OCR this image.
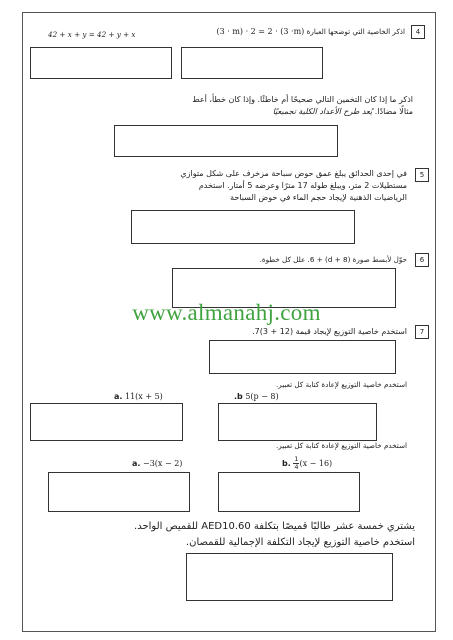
4
اذكر الخاصية التي توضحها العبارة (3 · m) · 2 = 2 · (3 ·m)
42 + x + y = 42 + y + x
اذكر ما إذا كان التخمين التالي صحيحًا أم خاطئًا. وإذا كان خطأ، أعط
مثالًا مضادًا. يُعد طرح الأعداد الكلية تجميعيًا
5
في إحدى الحدائق يبلغ عمق حوض سباحة مزخرف على شكل متوازي
مستطيلات 2 متر، ويبلغ طوله 17 مترًا وعرضه 5 أمتار. استخدم
الرياضيات الذهنية لإيجاد حجم الماء في حوض السباحة
6
حوّل لأبسط صورة (8 + d) + 6. علل كل خطوة.
www.almanahj.com
7
استخدم خاصية التوزيع لإيجاد قيمة (12 + 3)7.
استخدم خاصية التوزيع لإعادة كتابة كل تعبير.
a. 11(x + 5)	.b 5(p − 8)
استخدم خاصية التوزيع لإعادة كتابة كل تعبير.
a. −3(x − 2)	b. $\frac{1}{4} (x - 16)$
يشتري خمسة عشر طالبًا قميصًا بتكلفة AED10.60 للقميص الواحد.
استخدم خاصية التوزيع لإيجاد التكلفة الإجمالية للقمصان.
